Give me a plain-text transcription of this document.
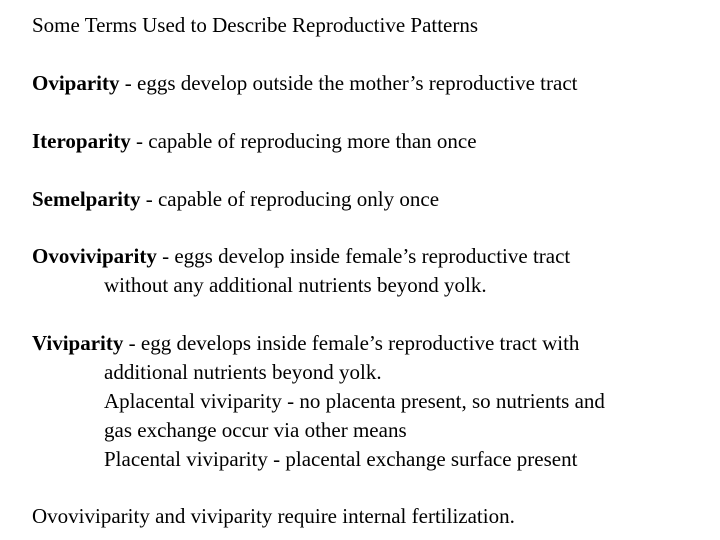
Some Terms Used to Describe Reproductive Patterns
Oviparity - eggs develop outside the mother’s reproductive tract
Iteroparity - capable of reproducing more than once
Semelparity - capable of reproducing only once
Ovoviviparity - eggs develop inside female’s reproductive tract
without any additional nutrients beyond yolk.
Viviparity - egg develops inside female’s reproductive tract with
additional nutrients beyond yolk.
Aplacental viviparity - no placenta present, so nutrients and
gas exchange occur via other means
Placental viviparity - placental exchange surface present
Ovoviviparity and viviparity require internal fertilization.
